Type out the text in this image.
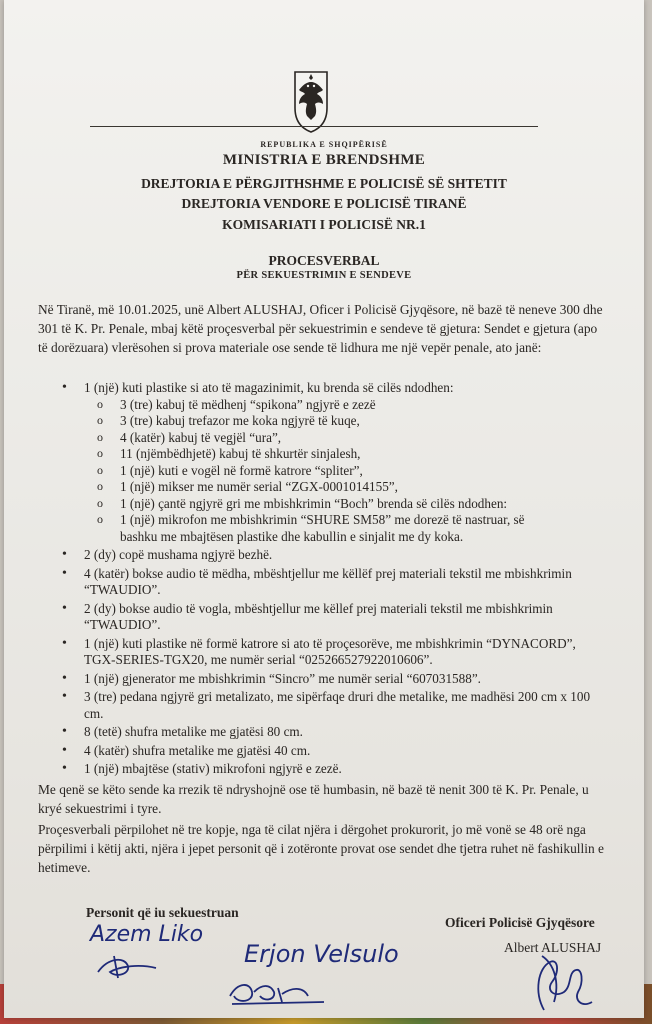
REPUBLIKA E SHQIPËRISË
MINISTRIA E BRENDSHME
DREJTORIA E PËRGJITHSHME E POLICISË SË SHTETIT
DREJTORIA VENDORE E POLICISË TIRANË
KOMISARIATI I POLICISË NR.1
PROCESVERBAL
PËR SEKUESTRIMIN E SENDEVE
Në Tiranë, më 10.01.2025, unë Albert ALUSHAJ, Oficer i Policisë Gjyqësore, në bazë të neneve 300 dhe 301 të K. Pr. Penale, mbaj këtë proçesverbal për sekuestrimin e sendeve të gjetura: Sendet e gjetura (apo të dorëzuara) vlerësohen si prova materiale ose sende të lidhura me një vepër penale, ato janë:
• 1 (një) kuti plastike si ato të magazinimit, ku brenda së cilës ndodhen:
o 3 (tre) kabuj të mëdhenj “spikona” ngjyrë e zezë
o 3 (tre) kabuj trefazor me koka ngjyrë të kuqe,
o 4 (katër) kabuj të vegjël “ura”,
o 11 (njëmbëdhjetë) kabuj të shkurtër sinjalesh,
o 1 (një) kuti e vogël në formë katrore “spliter”,
o 1 (një) mikser me numër serial “ZGX-0001014155”,
o 1 (një) çantë ngjyrë gri me mbishkrimin “Boch” brenda së cilës ndodhen:
o 1 (një) mikrofon me mbishkrimin “SHURE SM58” me dorezë të nastruar, së
bashku me mbajtësen plastike dhe kabullin e sinjalit me dy koka.
• 2 (dy) copë mushama ngjyrë bezhë.
• 4 (katër) bokse audio të mëdha, mbështjellur me këllëf prej materiali tekstil me mbishkrimin “TWAUDIO”.
• 2 (dy) bokse audio të vogla, mbështjellur me këllef prej materiali tekstil me mbishkrimin “TWAUDIO”.
• 1 (një) kuti plastike në formë katrore si ato të proçesorëve, me mbishkrimin “DYNACORD”, TGX-SERIES-TGX20, me numër serial “025266527922010606”.
• 1 (një) gjenerator me mbishkrimin “Sincro” me numër serial “607031588”.
• 3 (tre) pedana ngjyrë gri metalizato, me sipërfaqe druri dhe metalike, me madhësi 200 cm x 100 cm.
• 8 (tetë) shufra metalike me gjatësi 80 cm.
• 4 (katër) shufra metalike me gjatësi 40 cm.
• 1 (një) mbajtëse (stativ) mikrofoni ngjyrë e zezë.

Me qenë se këto sende ka rrezik të ndryshojnë ose të humbasin, në bazë të nenit 300 të K. Pr. Penale, u kryé sekuestrimi i tyre.

Proçesverbali përpilohet në tre kopje, nga të cilat njëra i dërgohet prokurorit, jo më vonë se 48 orë nga përpilimi i këtij akti, njëra i jepet personit që i zotëronte provat ose sendet dhe tjetra ruhet në fashikullin e hetimeve.

Personit që iu sekuestruan
Azem Liko
Erjon Velsulo
Oficeri Policisë Gjyqësore
Albert ALUSHAJ
